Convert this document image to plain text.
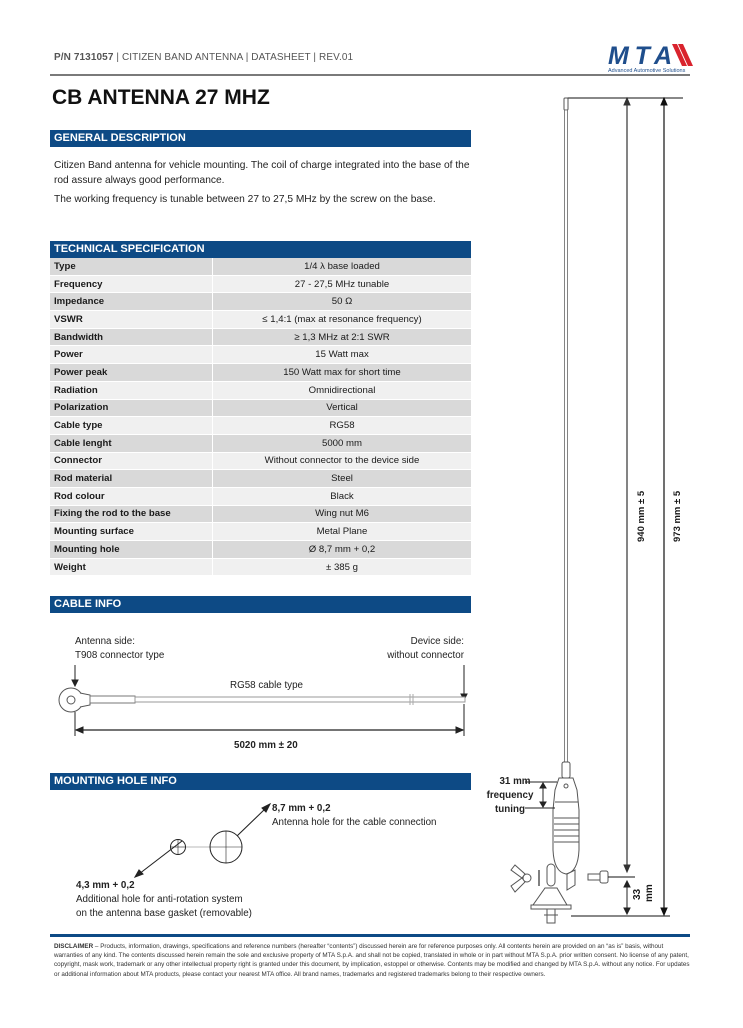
P/N 7131057 | CITIZEN BAND ANTENNA | DATASHEET | REV.01	MTA
Advanced Automotive Solutions
CB ANTENNA 27 MHZ
GENERAL DESCRIPTION
Citizen Band antenna for vehicle mounting. The coil of charge integrated into the base of the rod assure always good performance.
The working frequency is tunable between 27 to 27,5 MHz by the screw on the base.
TECHNICAL SPECIFICATION
Type	1/4 λ base loaded
Frequency	27 - 27,5 MHz tunable
Impedance	50 Ω
VSWR	≤ 1,4:1 (max at resonance frequency)
Bandwidth	≥ 1,3 MHz at 2:1 SWR
Power	15 Watt max
Power peak	150 Watt max for short time
Radiation	Omnidirectional
Polarization	Vertical
Cable type	RG58
Cable lenght	5000 mm
Connector	Without connector to the device side
Rod material	Steel
Rod colour	Black
Fixing the rod to the base	Wing nut M6
Mounting surface	Metal Plane
Mounting hole	Ø 8,7 mm + 0,2
Weight	± 385 g
CABLE INFO
Antenna side:
T908 connector type
Device side:
without connector
RG58 cable type
5020 mm ± 20
MOUNTING HOLE INFO
8,7 mm + 0,2
Antenna hole for the cable connection
4,3 mm + 0,2
Additional hole for anti-rotation system
on the antenna base gasket (removable)
31 mm
frequency
tuning
940 mm ± 5	973 mm ± 5
33 mm
DISCLAIMER – Products, information, drawings, specifications and reference numbers (hereafter “contents”) discussed herein are for reference purposes only. All contents herein are provided on an “as is” basis, without warranties of any kind. The contents discussed herein remain the sole and exclusive property of MTA S.p.A. and shall not be copied, translated in whole or in part without MTA S.p.A. prior written consent. No license of any patent, copyright, mask work, trademark or any other intellectual property right is granted under this document, by implication, estoppel or otherwise. Contents may be modified and changed by MTA S.p.A. without any notice. For updates or additional information about MTA products, please contact your nearest MTA office. All brand names, trademarks and registered trademarks belong to their respective owners.
